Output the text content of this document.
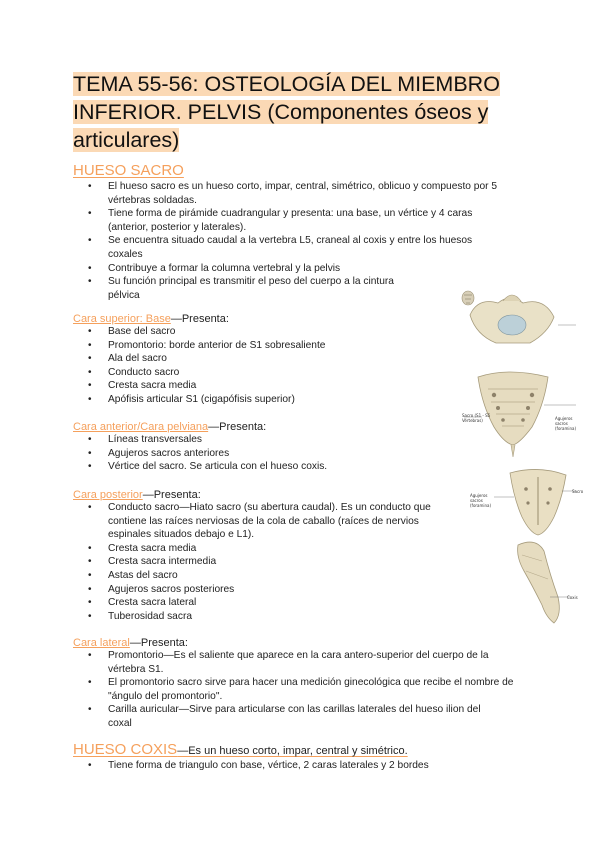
TEMA 55-56: OSTEOLOGÍA DEL MIEMBRO INFERIOR. PELVIS (Componentes óseos y articulares)
HUESO SACRO
• El hueso sacro es un hueso corto, impar, central, simétrico, oblicuo y compuesto por 5 vértebras soldadas.
• Tiene forma de pirámide cuadrangular y presenta: una base, un vértice y 4 caras (anterior, posterior y laterales).
• Se encuentra situado caudal a la vertebra L5, craneal al coxis y entre los huesos coxales
• Contribuye a formar la columna vertebral y la pelvis
• Su función principal es transmitir el peso del cuerpo a la cintura pélvica
Cara superior: Base—Presenta:
• Base del sacro
• Promontorio: borde anterior de S1 sobresaliente
• Ala del sacro
• Conducto sacro
• Cresta sacra media
• Apófisis articular S1 (cigapófisis superior)
Cara anterior/Cara pelviana—Presenta:
• Líneas transversales
• Agujeros sacros anteriores
• Vértice del sacro. Se articula con el hueso coxis.
Cara posterior—Presenta:
• Conducto sacro—Hiato sacro (su abertura caudal). Es un conducto que contiene las raíces nerviosas de la cola de caballo (raíces de nervios espinales situados debajo e L1).
• Cresta sacra media
• Cresta sacra intermedia
• Astas del sacro
• Agujeros sacros posteriores
• Cresta sacra lateral
• Tuberosidad sacra
Cara lateral—Presenta:
• Promontorio—Es el saliente que aparece en la cara antero-superior del cuerpo de la vértebra S1.
• El promontorio sacro sirve para hacer una medición ginecológica que recibe el nombre de "ángulo del promontorio".
• Carilla auricular—Sirve para articularse con las carillas laterales del hueso ilion del coxal
HUESO COXIS—Es un hueso corto, impar, central y simétrico.
• Tiene forma de triangulo con base, vértice, 2 caras laterales y 2 bordes
Sacro (S1 - S5 Vértebras)	Agujeros sacros (foramina)
Agujeros sacros (foramina)
Sacro
Coxis
